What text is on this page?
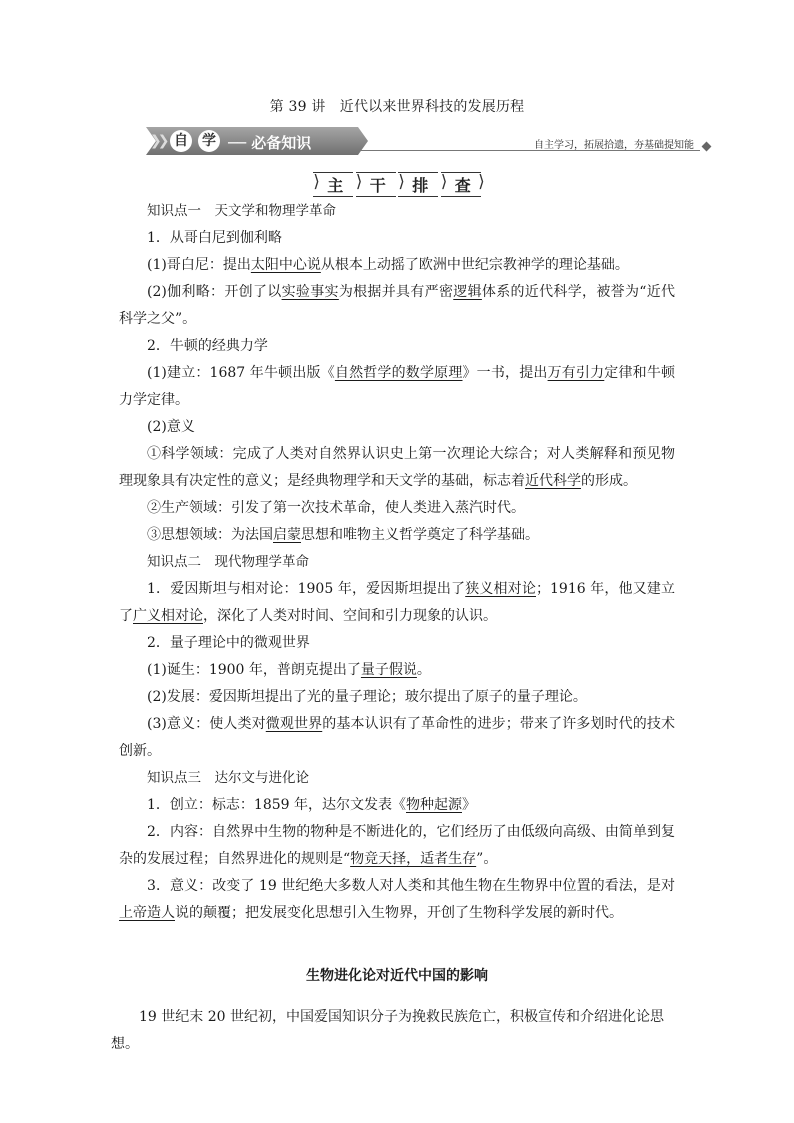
第 39 讲　近代以来世界科技的发展历程
❯❯ 自 学 ── 必备知识	自主学习，拓展拾遗，夯基础提知能
⟩ 主 ⟩ 干 ⟩ 排 ⟩ 查 ⟩

知识点一　天文学和物理学革命

1．从哥白尼到伽利略

(1)哥白尼：提出太阳中心说从根本上动摇了欧洲中世纪宗教神学的理论基础。

(2)伽利略：开创了以实验事实为根据并具有严密逻辑体系的近代科学，被誉为“近代科学之父”。

2．牛顿的经典力学

(1)建立：1687 年牛顿出版《自然哲学的数学原理》一书，提出万有引力定律和牛顿力学定律。

(2)意义

①科学领域：完成了人类对自然界认识史上第一次理论大综合；对人类解释和预见物理现象具有决定性的意义；是经典物理学和天文学的基础，标志着近代科学的形成。

②生产领域：引发了第一次技术革命，使人类进入蒸汽时代。

③思想领域：为法国启蒙思想和唯物主义哲学奠定了科学基础。

知识点二　现代物理学革命

1．爱因斯坦与相对论：1905 年，爱因斯坦提出了狭义相对论；1916 年，他又建立了广义相对论，深化了人类对时间、空间和引力现象的认识。

2．量子理论中的微观世界

(1)诞生：1900 年，普朗克提出了量子假说。

(2)发展：爱因斯坦提出了光的量子理论；玻尔提出了原子的量子理论。

(3)意义：使人类对微观世界的基本认识有了革命性的进步；带来了许多划时代的技术创新。

知识点三　达尔文与进化论

1．创立：标志：1859 年，达尔文发表《物种起源》

2．内容：自然界中生物的物种是不断进化的，它们经历了由低级向高级、由简单到复杂的发展过程；自然界进化的规则是“物竞天择，适者生存”。

3．意义：改变了 19 世纪绝大多数人对人类和其他生物在生物界中位置的看法，是对上帝造人说的颠覆；把发展变化思想引入生物界，开创了生物科学发展的新时代。

生物进化论对近代中国的影响

19 世纪末 20 世纪初，中国爱国知识分子为挽救民族危亡，积极宣传和介绍进化论思想。
